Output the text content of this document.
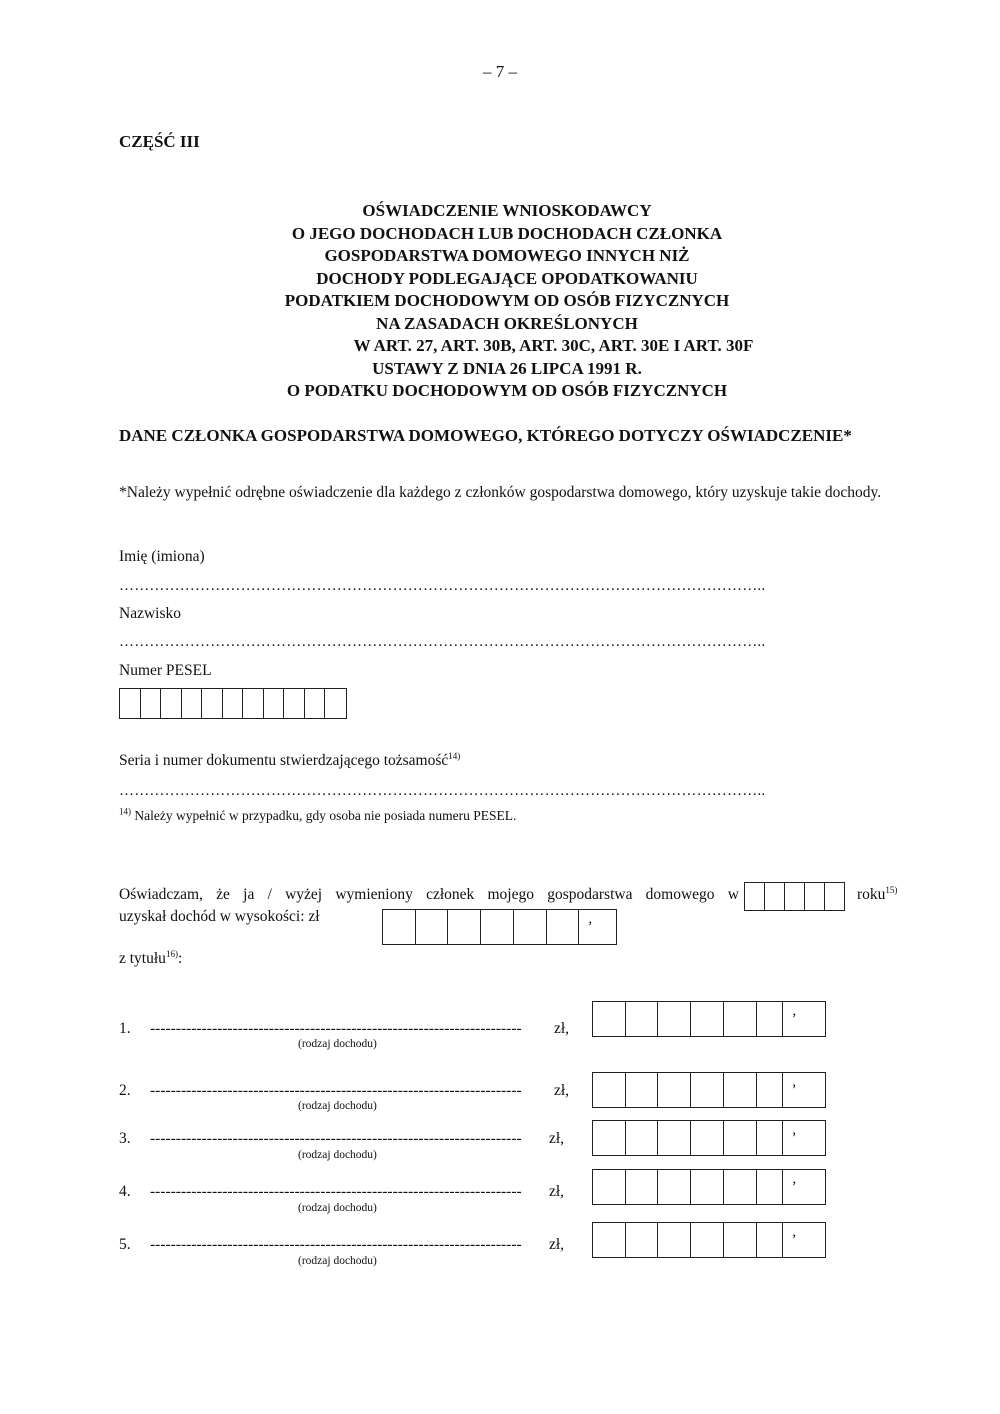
– 7 –
CZĘŚĆ III
OŚWIADCZENIE WNIOSKODAWCY
O JEGO DOCHODACH LUB DOCHODACH CZŁONKA
GOSPODARSTWA DOMOWEGO INNYCH NIŻ
DOCHODY PODLEGAJĄCE OPODATKOWANIU
PODATKIEM DOCHODOWYM OD OSÓB FIZYCZNYCH
NA ZASADACH OKREŚLONYCH
W ART. 27, ART. 30B, ART. 30C, ART. 30E I ART. 30F
USTAWY Z DNIA 26 LIPCA 1991 R.
O PODATKU DOCHODOWYM OD OSÓB FIZYCZNYCH
DANE CZŁONKA GOSPODARSTWA DOMOWEGO, KTÓREGO DOTYCZY OŚWIADCZENIE*
*Należy wypełnić odrębne oświadczenie dla każdego z członków gospodarstwa domowego, który uzyskuje takie dochody.
Imię (imiona)
………………………………………………………………………………………………………………..
Nazwisko
………………………………………………………………………………………………………………..
Numer PESEL
Seria i numer dokumentu stwierdzającego tożsamość$^{14)}$
………………………………………………………………………………………………………………..
$^{14)}$ Należy wypełnić w przypadku, gdy osoba nie posiada numeru PESEL.
Oświadczam, że ja / wyżej wymieniony członek mojego gospodarstwa domowego w	roku$^{15)}$
uzyskał dochód w wysokości: zł	,
z tytułu$^{16)}$:
1. ------------------------------------------------------------------------	zł,
(rodzaj dochodu)
,
2. ------------------------------------------------------------------------	zł,
(rodzaj dochodu)
,
3. ------------------------------------------------------------------------	zł,
(rodzaj dochodu)
,
4. ------------------------------------------------------------------------	zł,
(rodzaj dochodu)
,
5. ------------------------------------------------------------------------	zł,
(rodzaj dochodu)
,
